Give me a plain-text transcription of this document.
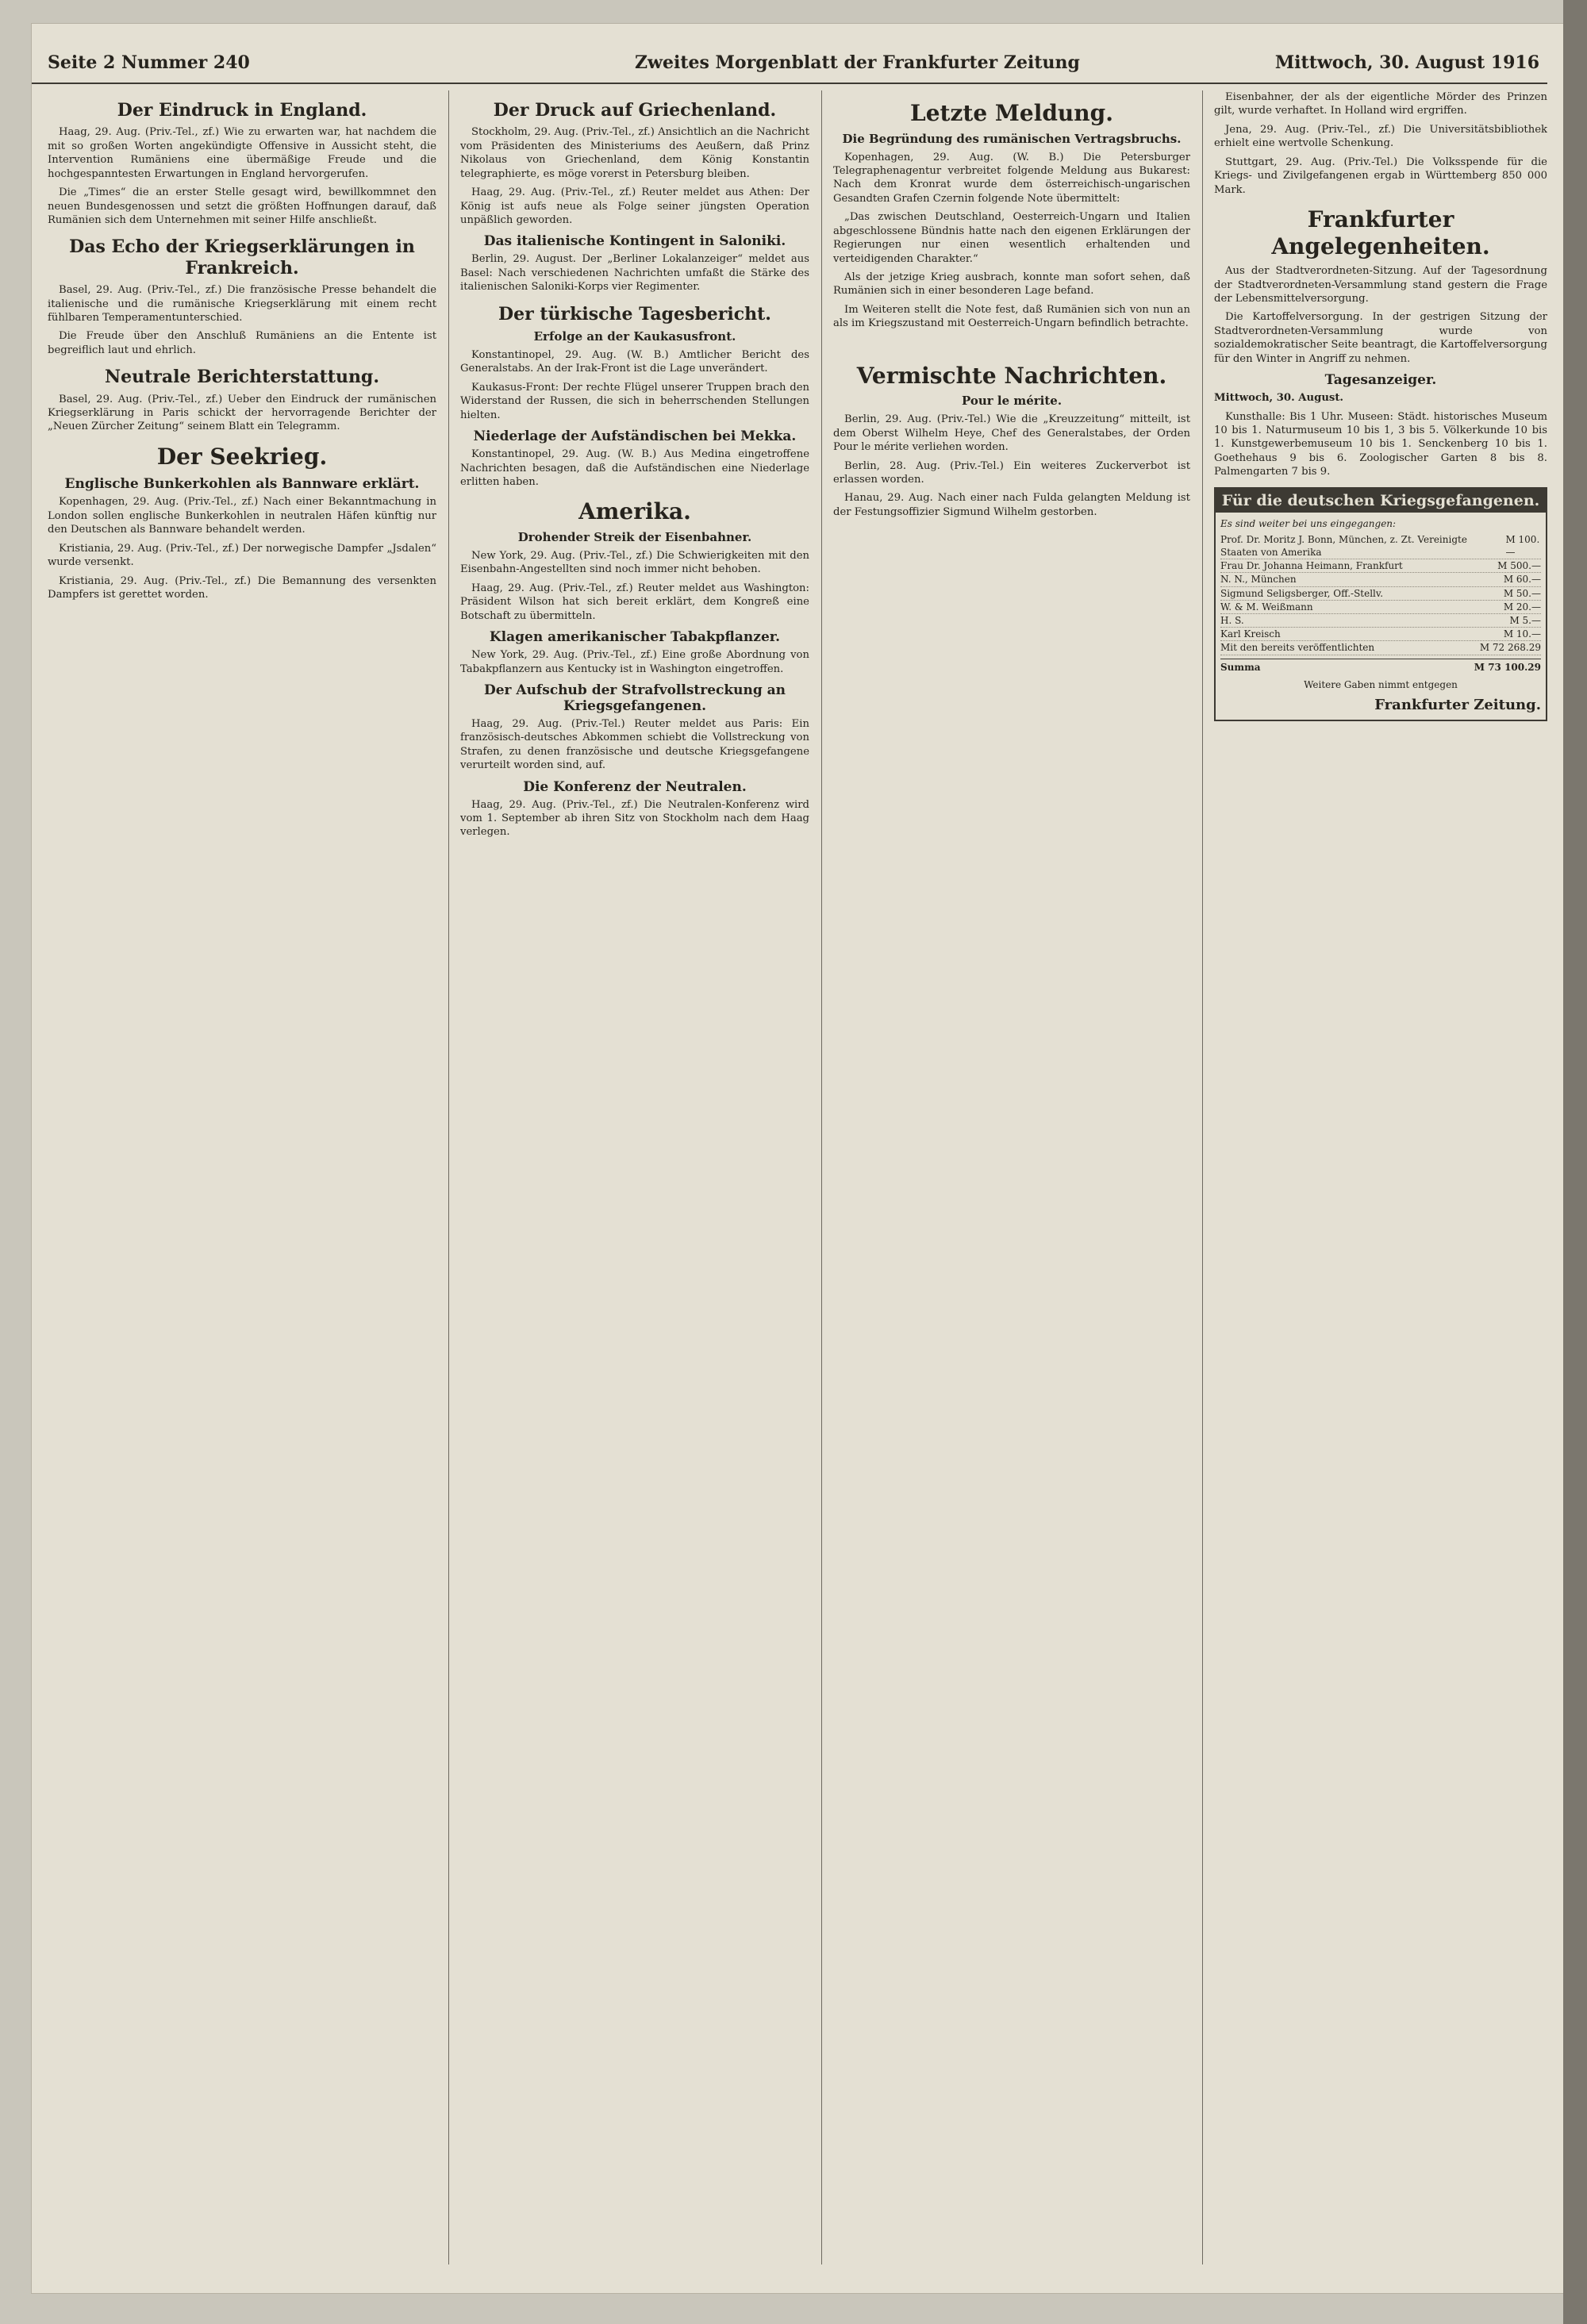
Seite 2 Nummer 240	Zweites Morgenblatt der Frankfurter Zeitung	Mittwoch, 30. August 1916
Der Eindruck in England.

Haag, 29. Aug. (Priv.-Tel., zf.) Wie zu erwarten war, hat nachdem die mit so großen Worten angekündigte Offensive in Aussicht steht, die Intervention Rumäniens eine übermäßige Freude und die hochgespanntesten Erwartungen in England hervorgerufen.

Die „Times“ die an erster Stelle gesagt wird, bewillkommnet den neuen Bundesgenossen und setzt die größten Hoffnungen darauf, daß Rumänien sich dem Unternehmen mit seiner Hilfe anschließt.

Das Echo der Kriegserklärungen in Frankreich.

Basel, 29. Aug. (Priv.-Tel., zf.) Die französische Presse behandelt die italienische und die rumänische Kriegserklärung mit einem recht fühlbaren Temperamentunterschied.

Die Freude über den Anschluß Rumäniens an die Entente ist begreiflich laut und ehrlich.

Neutrale Berichterstattung.

Basel, 29. Aug. (Priv.-Tel., zf.) Ueber den Eindruck der rumänischen Kriegserklärung in Paris schickt der hervorragende Berichter der „Neuen Zürcher Zeitung“ seinem Blatt ein Telegramm.

Der Seekrieg.
Englische Bunkerkohlen als Bannware erklärt.

Kopenhagen, 29. Aug. (Priv.-Tel., zf.) Nach einer Bekanntmachung in London sollen englische Bunkerkohlen in neutralen Häfen künftig nur den Deutschen als Bannware behandelt werden.

Kristiania, 29. Aug. (Priv.-Tel., zf.) Der norwegische Dampfer „Jsdalen“ wurde versenkt.

Kristiania, 29. Aug. (Priv.-Tel., zf.) Die Bemannung des versenkten Dampfers ist gerettet worden.

Der Druck auf Griechenland.

Stockholm, 29. Aug. (Priv.-Tel., zf.) Ansichtlich an die Nachricht vom Präsidenten des Ministeriums des Aeußern, daß Prinz Nikolaus von Griechenland, dem König Konstantin telegraphierte, es möge vorerst in Petersburg bleiben.

Haag, 29. Aug. (Priv.-Tel., zf.) Reuter meldet aus Athen: Der König ist aufs neue als Folge seiner jüngsten Operation unpäßlich geworden.

Das italienische Kontingent in Saloniki.

Berlin, 29. August. Der „Berliner Lokalanzeiger“ meldet aus Basel: Nach verschiedenen Nachrichten umfaßt die Stärke des italienischen Saloniki-Korps vier Regimenter.

Der türkische Tagesbericht.
Erfolge an der Kaukasusfront.

Konstantinopel, 29. Aug. (W. B.) Amtlicher Bericht des Generalstabs. An der Irak-Front ist die Lage unverändert.

Kaukasus-Front: Der rechte Flügel unserer Truppen brach den Widerstand der Russen, die sich in beherrschenden Stellungen hielten.

Niederlage der Aufständischen bei Mekka.

Konstantinopel, 29. Aug. (W. B.) Aus Medina eingetroffene Nachrichten besagen, daß die Aufständischen eine Niederlage erlitten haben.

Amerika.
Drohender Streik der Eisenbahner.

New York, 29. Aug. (Priv.-Tel., zf.) Die Schwierigkeiten mit den Eisenbahn-Angestellten sind noch immer nicht behoben.

Haag, 29. Aug. (Priv.-Tel., zf.) Reuter meldet aus Washington: Präsident Wilson hat sich bereit erklärt, dem Kongreß eine Botschaft zu übermitteln.

Klagen amerikanischer Tabakpflanzer.

New York, 29. Aug. (Priv.-Tel., zf.) Eine große Abordnung von Tabakpflanzern aus Kentucky ist in Washington eingetroffen.

Der Aufschub der Strafvollstreckung an Kriegsgefangenen.

Haag, 29. Aug. (Priv.-Tel.) Reuter meldet aus Paris: Ein französisch-deutsches Abkommen schiebt die Vollstreckung von Strafen, zu denen französische und deutsche Kriegsgefangene verurteilt worden sind, auf.

Die Konferenz der Neutralen.

Haag, 29. Aug. (Priv.-Tel., zf.) Die Neutralen-Konferenz wird vom 1. September ab ihren Sitz von Stockholm nach dem Haag verlegen.

Letzte Meldung.
Die Begründung des rumänischen Vertragsbruchs.

Kopenhagen, 29. Aug. (W. B.) Die Petersburger Telegraphenagentur verbreitet folgende Meldung aus Bukarest: Nach dem Kronrat wurde dem österreichisch-ungarischen Gesandten Grafen Czernin folgende Note übermittelt:

„Das zwischen Deutschland, Oesterreich-Ungarn und Italien abgeschlossene Bündnis hatte nach den eigenen Erklärungen der Regierungen nur einen wesentlich erhaltenden und verteidigenden Charakter.“

Als der jetzige Krieg ausbrach, konnte man sofort sehen, daß Rumänien sich in einer besonderen Lage befand.

Im Weiteren stellt die Note fest, daß Rumänien sich von nun an als im Kriegszustand mit Oesterreich-Ungarn befindlich betrachte.

Vermischte Nachrichten.
Pour le mérite.

Berlin, 29. Aug. (Priv.-Tel.) Wie die „Kreuzzeitung“ mitteilt, ist dem Oberst Wilhelm Heye, Chef des Generalstabes, der Orden Pour le mérite verliehen worden.

Berlin, 28. Aug. (Priv.-Tel.) Ein weiteres Zuckerverbot ist erlassen worden.

Hanau, 29. Aug. Nach einer nach Fulda gelangten Meldung ist der Festungsoffizier Sigmund Wilhelm gestorben.

Eisenbahner, der als der eigentliche Mörder des Prinzen gilt, wurde verhaftet. In Holland wird ergriffen.

Jena, 29. Aug. (Priv.-Tel., zf.) Die Universitätsbibliothek erhielt eine wertvolle Schenkung.

Stuttgart, 29. Aug. (Priv.-Tel.) Die Volksspende für die Kriegs- und Zivilgefangenen ergab in Württemberg 850 000 Mark.

Frankfurter Angelegenheiten.

Aus der Stadtverordneten-Sitzung. Auf der Tagesordnung der Stadtverordneten-Versammlung stand gestern die Frage der Lebensmittelversorgung.

Die Kartoffelversorgung. In der gestrigen Sitzung der Stadtverordneten-Versammlung wurde von sozialdemokratischer Seite beantragt, die Kartoffelversorgung für den Winter in Angriff zu nehmen.

Tagesanzeiger.

Mittwoch, 30. August.

Kunsthalle: Bis 1 Uhr. Museen: Städt. historisches Museum 10 bis 1. Naturmuseum 10 bis 1, 3 bis 5. Völkerkunde 10 bis 1. Kunstgewerbemuseum 10 bis 1. Senckenberg 10 bis 1. Goethehaus 9 bis 6. Zoologischer Garten 8 bis 8. Palmengarten 7 bis 9.

Für die deutschen Kriegsgefangenen.
Es sind weiter bei uns eingegangen:
Prof. Dr. Moritz J. Bonn, München, z. Zt. Vereinigte Staaten von Amerika
M 100.—
Frau Dr. Johanna Heimann, Frankfurt	M 500.—
N. N., München	M 60.—
Sigmund Seligsberger, Off.-Stellv.	M 50.—
W. & M. Weißmann	M 20.—
H. S.	M 5.—
Karl Kreisch	M 10.—
Mit den bereits veröffentlichten	M 72 268.29
Summa	M 73 100.29
Weitere Gaben nimmt entgegen
Frankfurter Zeitung.
